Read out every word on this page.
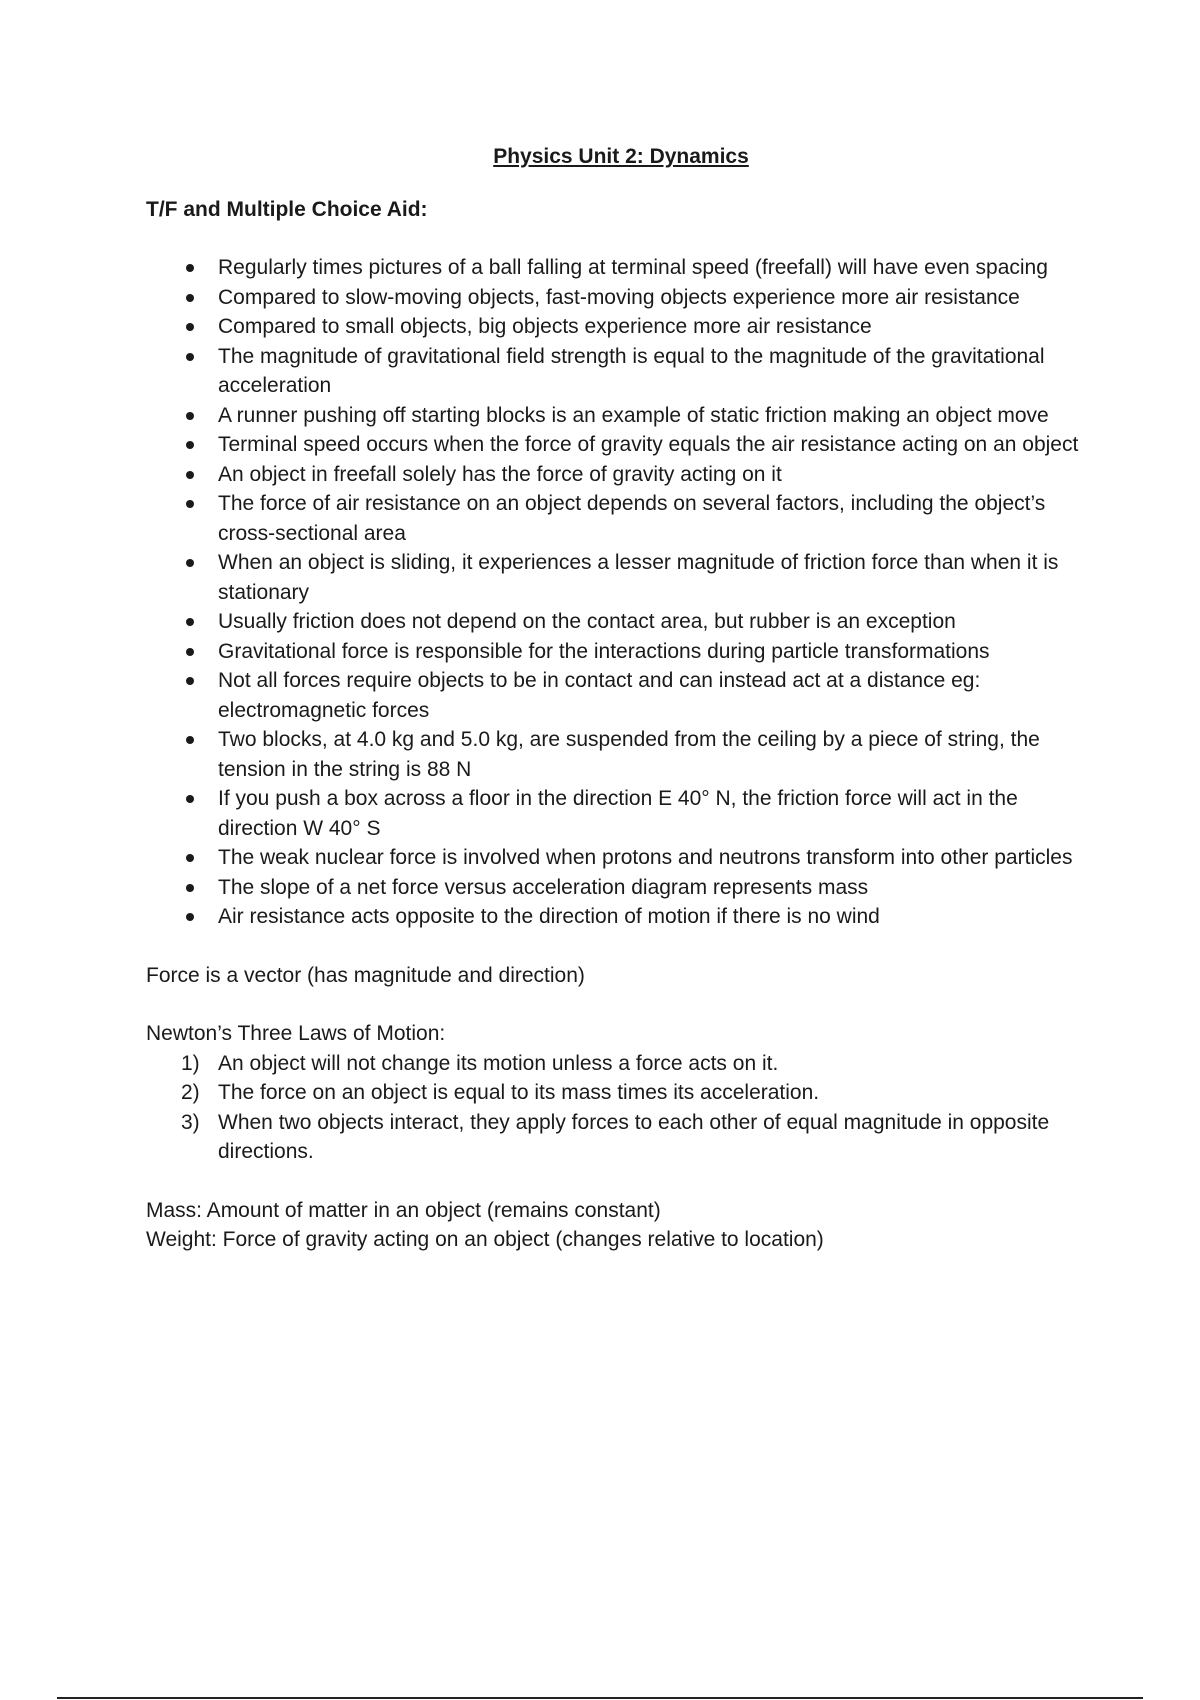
Physics Unit 2: Dynamics
T/F and Multiple Choice Aid:
Regularly times pictures of a ball falling at terminal speed (freefall) will have even spacing
Compared to slow-moving objects, fast-moving objects experience more air resistance
Compared to small objects, big objects experience more air resistance
The magnitude of gravitational field strength is equal to the magnitude of the gravitational acceleration
A runner pushing off starting blocks is an example of static friction making an object move
Terminal speed occurs when the force of gravity equals the air resistance acting on an object
An object in freefall solely has the force of gravity acting on it
The force of air resistance on an object depends on several factors, including the object’s cross-sectional area
When an object is sliding, it experiences a lesser magnitude of friction force than when it is stationary
Usually friction does not depend on the contact area, but rubber is an exception
Gravitational force is responsible for the interactions during particle transformations
Not all forces require objects to be in contact and can instead act at a distance eg: electromagnetic forces
Two blocks, at 4.0 kg and 5.0 kg, are suspended from the ceiling by a piece of string, the tension in the string is 88 N
If you push a box across a floor in the direction E 40° N, the friction force will act in the direction W 40° S
The weak nuclear force is involved when protons and neutrons transform into other particles
The slope of a net force versus acceleration diagram represents mass
Air resistance acts opposite to the direction of motion if there is no wind
Force is a vector (has magnitude and direction)
Newton’s Three Laws of Motion:
1) An object will not change its motion unless a force acts on it.
2) The force on an object is equal to its mass times its acceleration.
3) When two objects interact, they apply forces to each other of equal magnitude in opposite directions.
Mass: Amount of matter in an object (remains constant)
Weight: Force of gravity acting on an object (changes relative to location)
